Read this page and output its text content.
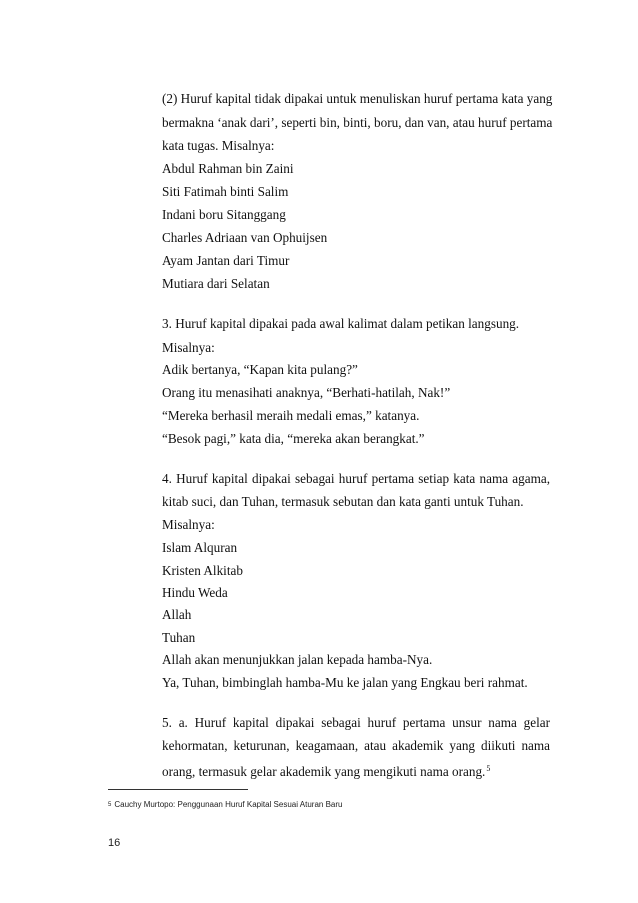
(2) Huruf kapital tidak dipakai untuk menuliskan huruf pertama kata yang
bermakna ‘anak dari’, seperti bin, binti, boru, dan van, atau huruf pertama
kata tugas. Misalnya:
Abdul Rahman bin Zaini
Siti Fatimah binti Salim
Indani boru Sitanggang
Charles Adriaan van Ophuijsen
Ayam Jantan dari Timur
Mutiara dari Selatan
3. Huruf kapital dipakai pada awal kalimat dalam petikan langsung.
Misalnya:
Adik bertanya, “Kapan kita pulang?”
Orang itu menasihati anaknya, “Berhati-hatilah, Nak!”
“Mereka berhasil meraih medali emas,” katanya.
“Besok pagi,” kata dia, “mereka akan berangkat.”
4. Huruf kapital dipakai sebagai huruf pertama setiap kata nama agama,
kitab suci, dan Tuhan, termasuk sebutan dan kata ganti untuk Tuhan.
Misalnya:
Islam Alquran
Kristen Alkitab
Hindu Weda
Allah
Tuhan
Allah akan menunjukkan jalan kepada hamba-Nya.
Ya, Tuhan, bimbinglah hamba-Mu ke jalan yang Engkau beri rahmat.
5. a. Huruf kapital dipakai sebagai huruf pertama unsur nama gelar
kehormatan, keturunan, keagamaan, atau akademik yang diikuti nama
orang, termasuk gelar akademik yang mengikuti nama orang.$^5$
$^5$ Cauchy Murtopo: Penggunaan Huruf Kapital Sesuai Aturan Baru
16
